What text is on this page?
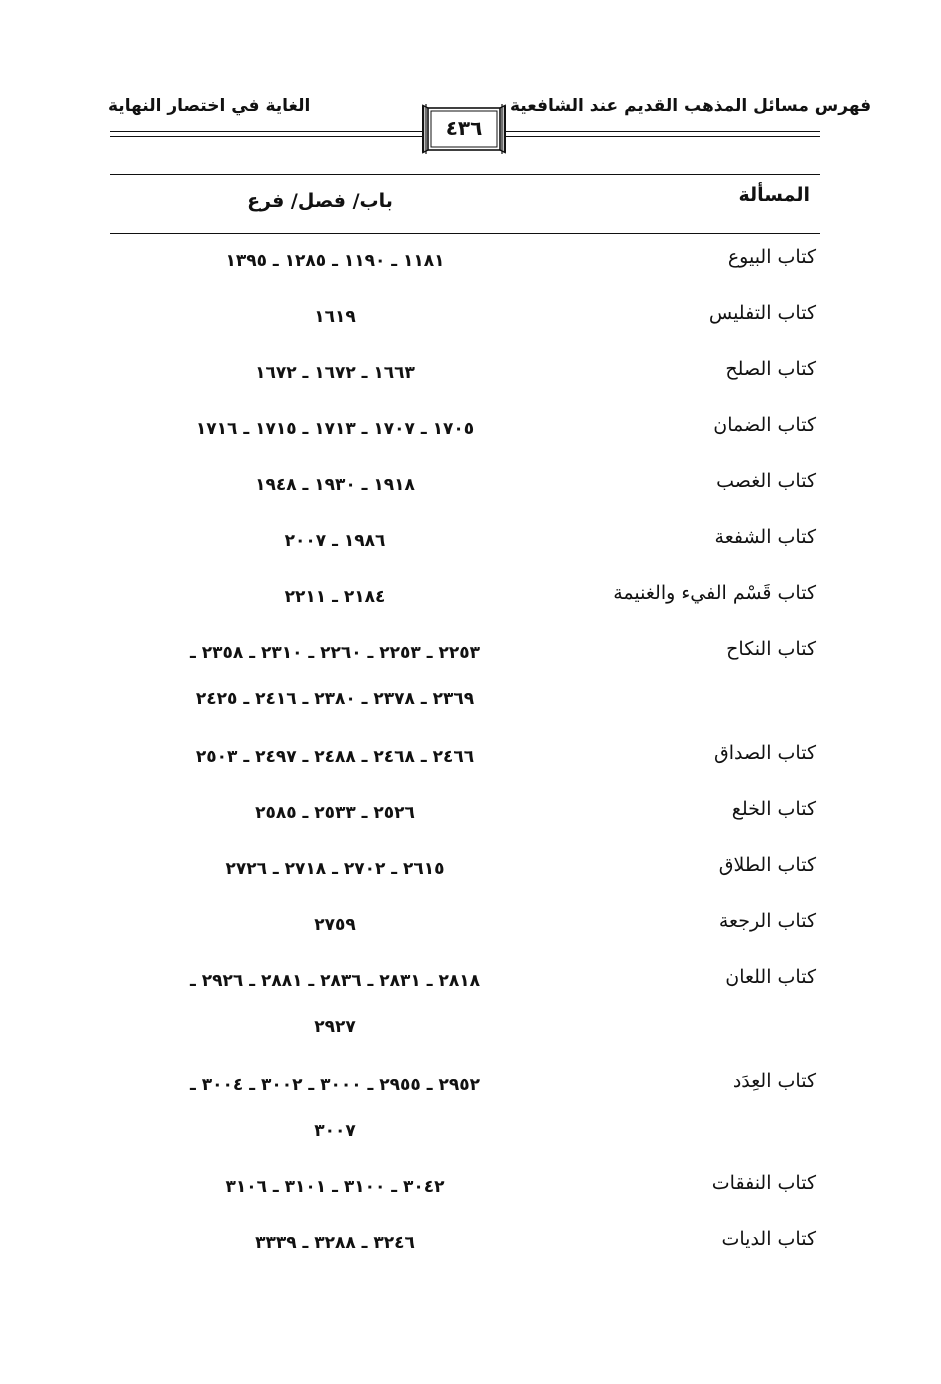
فهرس مسائل المذهب القديم عند الشافعية
الغاية في اختصار النهاية
٤٣٦
المسألة
باب/ فصل/ فرع
كتاب البيوع
١١٨١ ـ ١١٩٠ ـ ١٢٨٥ ـ ١٣٩٥
كتاب التفليس
١٦١٩
كتاب الصلح
١٦٦٣ ـ ١٦٧٢ ـ ١٦٧٢
كتاب الضمان
١٧٠٥ ـ ١٧٠٧ ـ ١٧١٣ ـ ١٧١٥ ـ ١٧١٦
كتاب الغصب
١٩١٨ ـ ١٩٣٠ ـ ١٩٤٨
كتاب الشفعة
١٩٨٦ ـ ٢٠٠٧
كتاب قَسْم الفيء والغنيمة
٢١٨٤ ـ ٢٢١١
كتاب النكاح
٢٢٥٣ ـ ٢٢٥٣ ـ ٢٢٦٠ ـ ٢٣١٠ ـ ٢٣٥٨ ـ
٢٣٦٩ ـ ٢٣٧٨ ـ ٢٣٨٠ ـ ٢٤١٦ ـ ٢٤٢٥
كتاب الصداق
٢٤٦٦ ـ ٢٤٦٨ ـ ٢٤٨٨ ـ ٢٤٩٧ ـ ٢٥٠٣
كتاب الخلع
٢٥٢٦ ـ ٢٥٣٣ ـ ٢٥٨٥
كتاب الطلاق
٢٦١٥ ـ ٢٧٠٢ ـ ٢٧١٨ ـ ٢٧٢٦
كتاب الرجعة
٢٧٥٩
كتاب اللعان
٢٨١٨ ـ ٢٨٣١ ـ ٢٨٣٦ ـ ٢٨٨١ ـ ٢٩٢٦ ـ
٢٩٢٧
كتاب العِدَد
٢٩٥٢ ـ ٢٩٥٥ ـ ٣٠٠٠ ـ ٣٠٠٢ ـ ٣٠٠٤ ـ
٣٠٠٧
كتاب النفقات
٣٠٤٢ ـ ٣١٠٠ ـ ٣١٠١ ـ ٣١٠٦
كتاب الديات
٣٢٤٦ ـ ٣٢٨٨ ـ ٣٣٣٩
